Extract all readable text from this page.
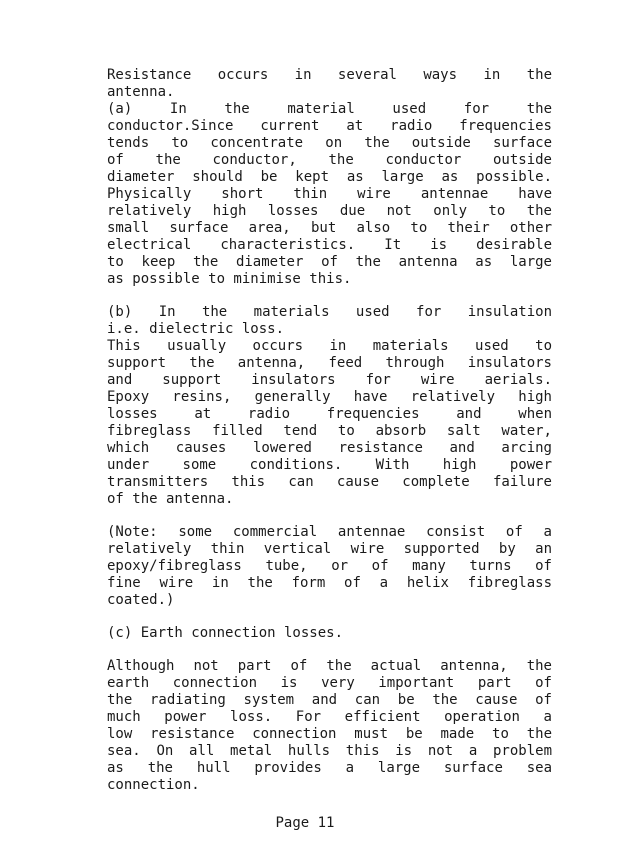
Resistance occurs in several ways in the
antenna.
(a) In the material used for the
conductor.Since current at radio frequencies
tends to concentrate on the outside surface
of the conductor, the conductor outside
diameter should be kept as large as possible.
Physically short thin wire antennae have
relatively high losses due not only to the
small surface area, but also to their other
electrical characteristics. It is desirable
to keep the diameter of the antenna as large
as possible to minimise this.
(b) In the materials used for insulation
i.e. dielectric loss.
This usually occurs in materials used to
support the antenna, feed through insulators
and support insulators for wire aerials.
Epoxy resins, generally have relatively high
losses at radio frequencies and when
fibreglass filled tend to absorb salt water,
which causes lowered resistance and arcing
under some conditions. With high power
transmitters this can cause complete failure
of the antenna.
(Note: some commercial antennae consist of a
relatively thin vertical wire supported by an
epoxy/fibreglass tube, or of many turns of
fine wire in the form of a helix fibreglass
coated.)
(c) Earth connection losses.
Although not part of the actual antenna, the
earth connection is very important part of
the radiating system and can be the cause of
much power loss. For efficient operation a
low resistance connection must be made to the
sea. On all metal hulls this is not a problem
as the hull provides a large surface sea
connection.
Page 11
